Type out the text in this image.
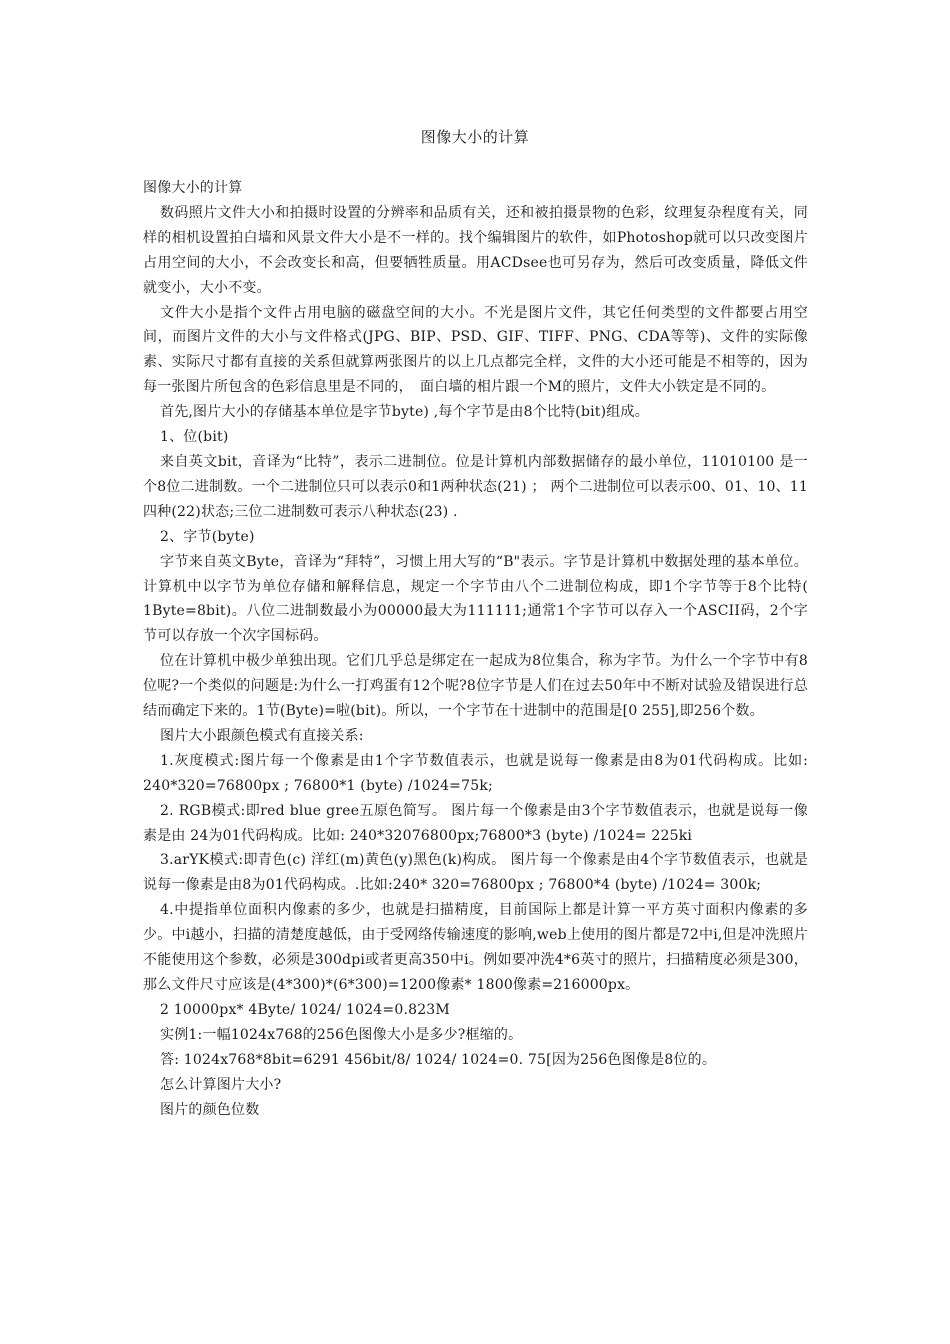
图像大小的计算

图像大小的计算

数码照片文件大小和拍摄时设置的分辨率和品质有关，还和被拍摄景物的色彩，纹理复杂程度有关，同样的相机设置拍白墙和风景文件大小是不一样的。找个编辑图片的软件，如Photoshop就可以只改变图片占用空间的大小，不会改变长和高，但要牺牲质量。用ACDsee也可另存为，然后可改变质量，降低文件就变小，大小不变。

文件大小是指个文件占用电脑的磁盘空间的大小。不光是图片文件，其它任何类型的文件都要占用空间，而图片文件的大小与文件格式(JPG、BIP、PSD、GIF、TIFF、PNG、CDA等等)、文件的实际像素、实际尺寸都有直接的关系但就算两张图片的以上几点都完全样，文件的大小还可能是不相等的，因为每一张图片所包含的色彩信息里是不同的，　面白墙的相片跟一个M的照片，文件大小铁定是不同的。

首先,图片大小的存储基本单位是字节byte) ,每个字节是由8个比特(bit)组成。

1、位(bit)

来自英文bit，音译为“比特”，表示二进制位。位是计算机内部数据储存的最小单位，11010100 是一个8位二进制数。一个二进制位只可以表示0和1两种状态(21) ； 两个二进制位可以表示00、01、10、11四种(22)状态;三位二进制数可表示八种状态(23) .

2、字节(byte)

字节来自英文Byte，音译为“拜特”，习惯上用大写的“B"表示。字节是计算机中数据处理的基本单位。计算机中以字节为单位存储和解释信息，规定一个字节由八个二进制位构成，即1个字节等于8个比特( 1Byte=8bit)。八位二进制数最小为00000最大为111111;通常1个字节可以存入一个ASCII码，2个字节可以存放一个次字国标码。

位在计算机中极少单独出现。它们几乎总是绑定在一起成为8位集合，称为字节。为什么一个字节中有8位呢?一个类似的问题是:为什么一打鸡蛋有12个呢?8位字节是人们在过去50年中不断对试验及错误进行总结而确定下来的。1节(Byte)=啦(bit)。所以，一个字节在十进制中的范围是[0 255],即256个数。

图片大小跟颜色模式有直接关系:

1.灰度模式:图片每一个像素是由1个字节数值表示，也就是说每一像素是由8为01代码构成。比如: 240*320=76800px ; 76800*1 (byte) /1024=75k;

2. RGB模式:即red blue gree五原色简写。 图片每一个像素是由3个字节数值表示，也就是说每一像素是由 24为01代码构成。比如: 240*32076800px;76800*3 (byte) /1024= 225ki

3.arYK模式:即青色(c) 洋红(m)黄色(y)黑色(k)构成。 图片每一个像素是由4个字节数值表示，也就是说每一像素是由8为01代码构成。.比如:240* 320=76800px ; 76800*4 (byte) /1024= 300k;

4.中提指单位面积内像素的多少，也就是扫描精度，目前国际上都是计算一平方英寸面积内像素的多少。中i越小，扫描的清楚度越低，由于受网络传输速度的影响,web上使用的图片都是72中i,但是冲洗照片不能使用这个参数，必须是300dpi或者更高350中i。例如要冲洗4*6英寸的照片，扫描精度必须是300，那么文件尺寸应该是(4*300)*(6*300)=1200像素* 1800像素=216000px。

2 10000px* 4Byte/ 1024/ 1024=0.823M

实例1:一幅1024x768的256色图像大小是多少?框缩的。

答: 1024x768*8bit=6291 456bit/8/ 1024/ 1024=0. 75[因为256色图像是8位的。

怎么计算图片大小?

图片的颜色位数
